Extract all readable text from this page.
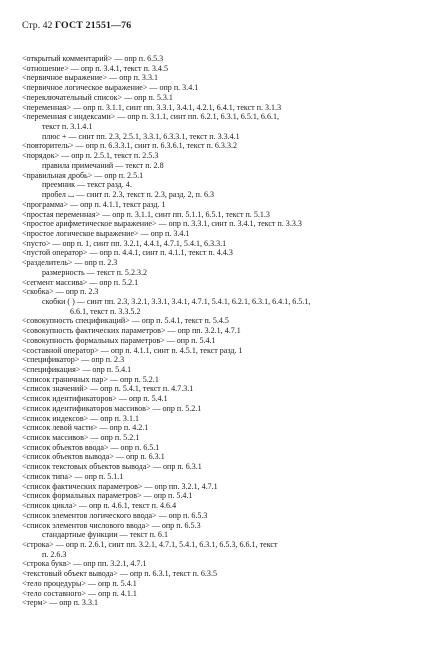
Стр. 42 ГОСТ 21551—76
<открытый комментарий> — опр п. 6.5.3
<отношение> — опр п. 3.4.1, текст п. 3.4.5
<первичное выражение> — опр п. 3.3.1
<первичное логическое выражение> — опр п. 3.4.1
<переключательный список> — опр п. 5.3.1
<переменная> — опр п. 3.1.1, синт пп. 3.3.1, 3.4.1, 4.2.1, 6.4.1, текст п. 3.1.3
<переменная с индексами> — опр п. 3.1.1, синт пп. 6.2.1, 6.3.1, 6.5.1, 6.6.1,
текст п. 3.1.4.1
плюс + — синт пп. 2.3, 2.5.1, 3.3.1, 6.3.3.1, текст п. 3.3.4.1
<повторитель> — опр п. 6.3.3.1, синт п. 6.3.6.1, текст п. 6.3.3.2
<порядок> — опр п. 2.5.1, текст п. 2.5.3
правила примечаний — текст п. 2.8
<правильная дробь> — опр п. 2.5.1
преемник — текст разд. 4.
пробел ⌴ — синт п. 2.3, текст п. 2.3, разд. 2, п. 6.3
<программа> — опр п. 4.1.1, текст разд. 1
<простая переменная> — опр п. 3.1.1, синт пп. 5.1.1, 6.5.1, текст п. 5.1.3
<простое арифметическое выражение> — опр п. 3.3.1, синт п. 3.4.1, текст п. 3.3.3
<простое логическое выражение> — опр п. 3.4.1
<пусто> — опр п. 1, синт пп. 3.2.1, 4.4.1, 4.7.1, 5.4.1, 6.3.3.1
<пустой оператор> — опр п. 4.4.1, синт п. 4.1.1, текст п. 4.4.3
<разделитель> — опр п. 2.3
размерность — текст п. 5.2.3.2
<сегмент массива> — опр п. 5.2.1
<скобка> — опр п. 2.3
скобки ( ) — синт пп. 2.3, 3.2.1, 3.3.1, 3.4.1, 4.7.1, 5.4.1, 6.2.1, 6.3.1, 6.4.1, 6.5.1,
6.6.1, текст п. 3.3.5.2
<совокупность спецификаций> — опр п. 5.4.1, текст п. 5.4.5
<совокупность фактических параметров> — опр пп. 3.2.1, 4.7.1
<совокупность формальных параметров> — опр п. 5.4.1
<составной оператор> — опр п. 4.1.1, синт п. 4.5.1, текст разд. 1
<спецификатор> — опр п. 2.3
<спецификация> — опр п. 5.4.1
<список граничных пар> — опр п. 5.2.1
<список значений> — опр п. 5.4.1, текст п. 4.7.3.1
<список идентификаторов> — опр п. 5.4.1
<список идентификаторов массивов> — опр п. 5.2.1
<список индексов> — опр п. 3.1.1
<список левой части> — опр п. 4.2.1
<список массивов> — опр п. 5.2.1
<список объектов ввода> — опр п. 6.5.1
<список объектов вывода> — опр п. 6.3.1
<список текстовых объектов вывода> — опр п. 6.3.1
<список типа> — опр п. 5.1.1
<список фактических параметров> — опр пп. 3.2.1, 4.7.1
<список формальных параметров> — опр п. 5.4.1
<список цикла> — опр п. 4.6.1, текст п. 4.6.4
<список элементов логического ввода> — опр п. 6.5.3
<список элементов числового ввода> — опр п. 6.5.3
стандартные функции — текст п. 6.1
<строка> — опр п. 2.6.1, синт пп. 3.2.1, 4.7.1, 5.4.1, 6.3.1, 6.5.3, 6.6.1, текст
п. 2.6.3
<строка букв> — опр пп. 3.2.1, 4.7.1
<текстовый объект вывода> — опр п. 6.3.1, текст п. 6.3.5
<тело процедуры> — опр п. 5.4.1
<тело составного> — опр п. 4.1.1
<терм> — опр п. 3.3.1
